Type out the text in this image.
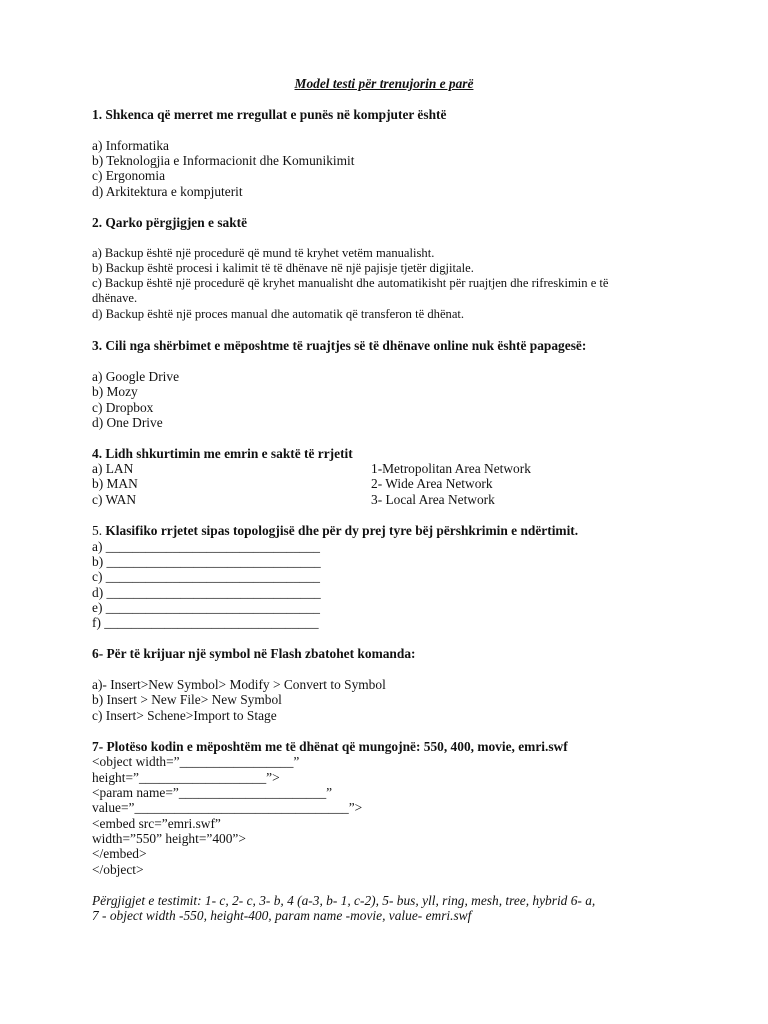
Model testi për trenujorin e parë
1. Shkenca që merret me rregullat e punës në kompjuter është
a) Informatika
b) Teknologjia e Informacionit dhe Komunikimit
c) Ergonomia
d) Arkitektura e kompjuterit
2. Qarko përgjigjen e saktë
a) Backup është një procedurë që mund të kryhet vetëm manualisht.
b) Backup është procesi i kalimit të të dhënave në një pajisje tjetër digjitale.
c) Backup është një procedurë që kryhet manualisht dhe automatikisht për ruajtjen dhe rifreskimin e të
dhënave.
d) Backup është një proces manual dhe automatik që transferon të dhënat.
3. Cili nga shërbimet e mëposhtme të ruajtjes së të dhënave online nuk është papagesë:
a) Google Drive
b) Mozy
c) Dropbox
d) One Drive
4. Lidh shkurtimin me emrin e saktë të rrjetit
a) LAN
b) MAN
c) WAN
1-Metropolitan Area Network
2- Wide Area Network
3- Local Area Network
5. Klasifiko rrjetet sipas topologjisë dhe për dy prej tyre bëj përshkrimin e ndërtimit.
a) ________________________________
b) ________________________________
c) ________________________________
d) ________________________________
e) ________________________________
f) ________________________________
6- Për të krijuar një symbol në Flash zbatohet komanda:
a)- Insert>New Symbol> Modify > Convert to Symbol
b) Insert > New File> New Symbol
c) Insert> Schene>Import to Stage
7- Plotëso kodin e mëposhtëm me të dhënat që mungojnë: 550, 400, movie, emri.swf
<object width=”_________________”
height=”___________________”>
<param name=”______________________”
value=”________________________________”>
<embed src=”emri.swf”
width=”550” height=”400”>
</embed>
</object>
Përgjigjet e testimit: 1- c, 2- c, 3- b, 4 (a-3, b- 1, c-2), 5- bus, yll, ring, mesh, tree, hybrid 6- a,
7 - object width -550, height-400, param name -movie, value- emri.swf
